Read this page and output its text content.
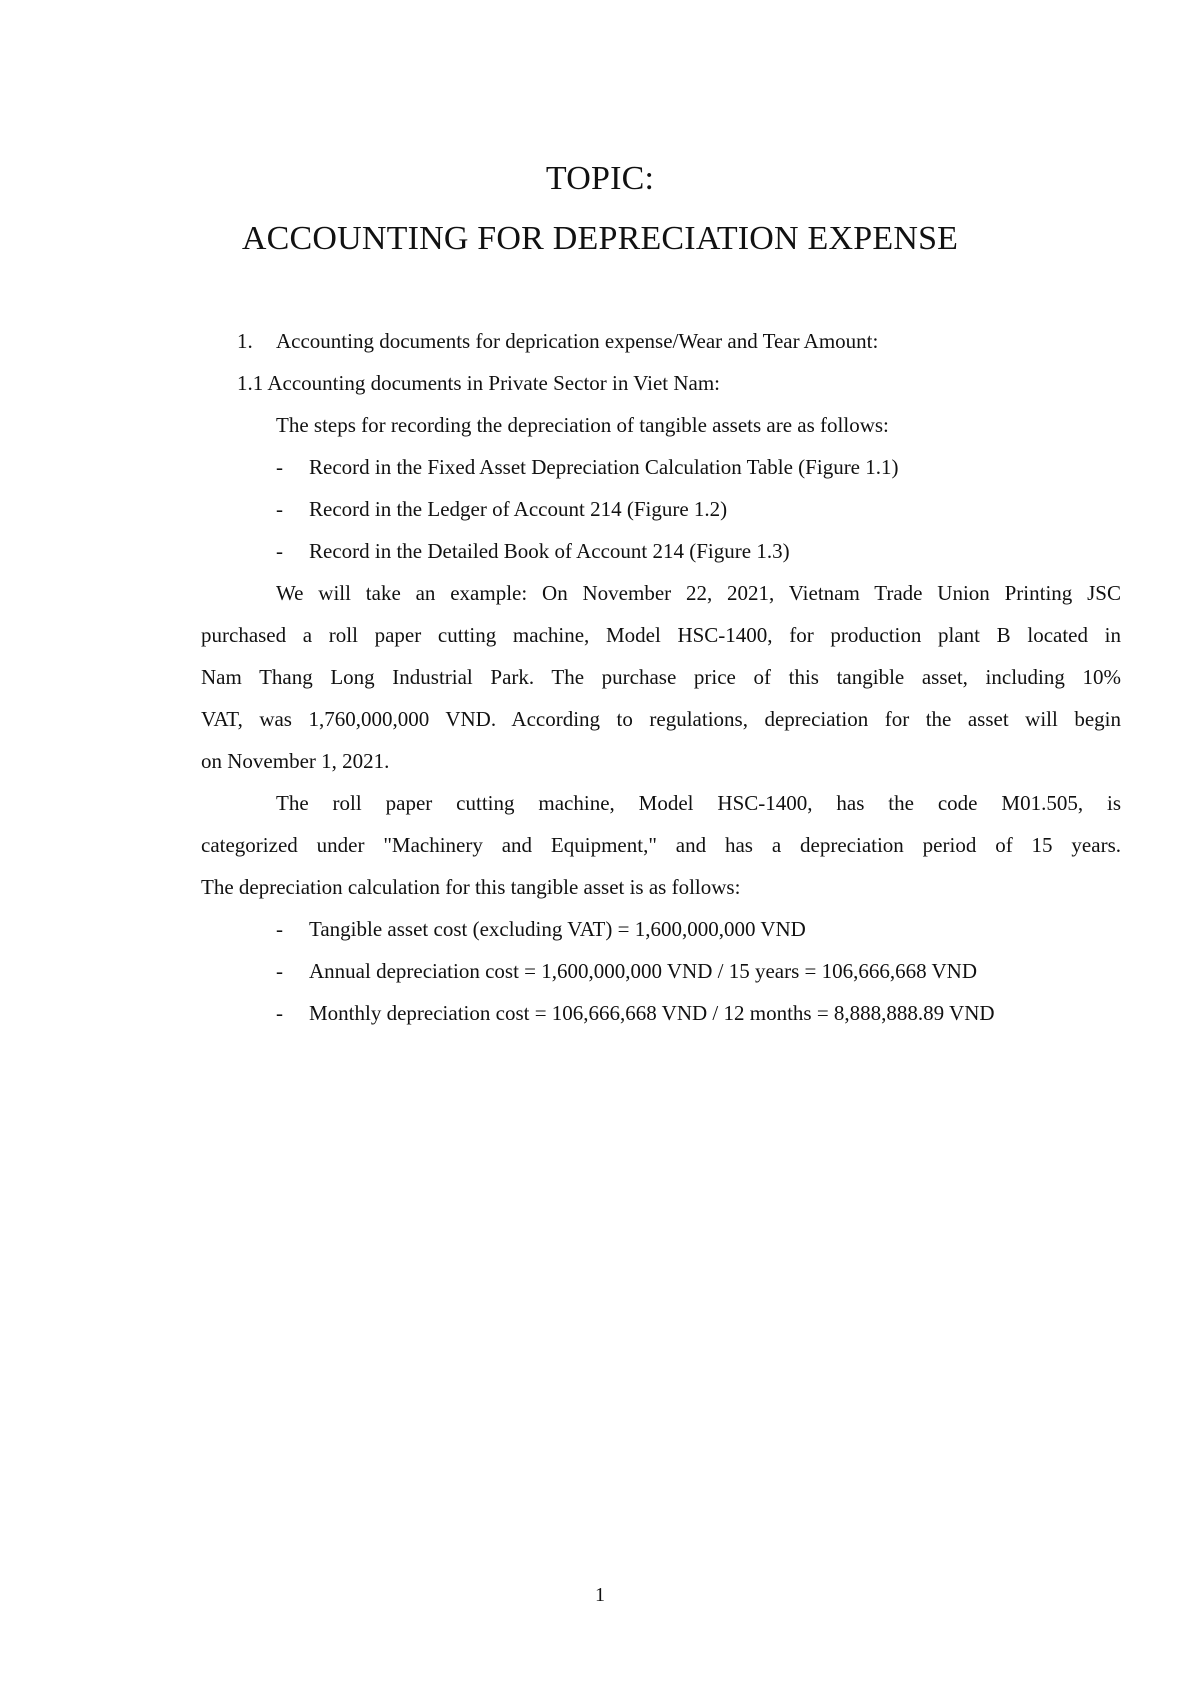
TOPIC:
ACCOUNTING FOR DEPRECIATION EXPENSE
1. Accounting documents for deprication expense/Wear and Tear Amount:
1.1 Accounting documents in Private Sector in Viet Nam:
The steps for recording the depreciation of tangible assets are as follows:
- Record in the Fixed Asset Depreciation Calculation Table (Figure 1.1)
- Record in the Ledger of Account 214 (Figure 1.2)
- Record in the Detailed Book of Account 214 (Figure 1.3)
We will take an example: On November 22, 2021, Vietnam Trade Union Printing JSC
purchased a roll paper cutting machine, Model HSC-1400, for production plant B located in
Nam Thang Long Industrial Park. The purchase price of this tangible asset, including 10%
VAT, was 1,760,000,000 VND. According to regulations, depreciation for the asset will begin
on November 1, 2021.
The roll paper cutting machine, Model HSC-1400, has the code M01.505, is
categorized under "Machinery and Equipment," and has a depreciation period of 15 years.
The depreciation calculation for this tangible asset is as follows:
- Tangible asset cost (excluding VAT) = 1,600,000,000 VND
- Annual depreciation cost = 1,600,000,000 VND / 15 years = 106,666,668 VND
- Monthly depreciation cost = 106,666,668 VND / 12 months = 8,888,888.89 VND
1
